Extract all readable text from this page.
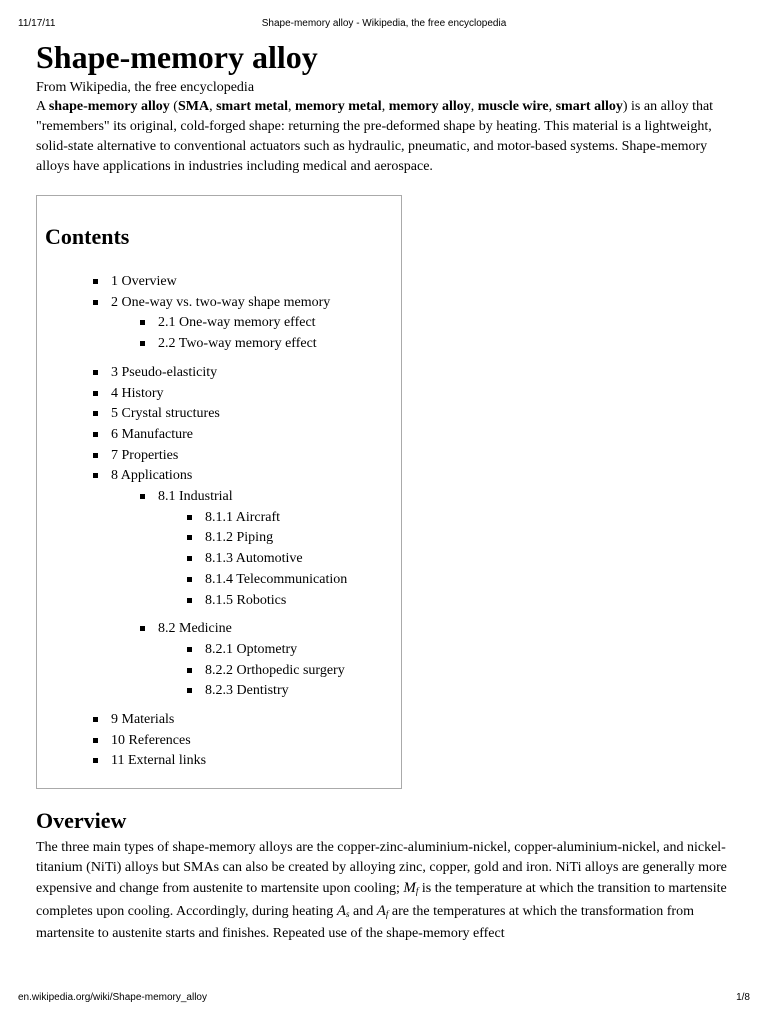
11/17/11	Shape-memory alloy - Wikipedia, the free encyclopedia
Shape-memory alloy
From Wikipedia, the free encyclopedia

A shape-memory alloy (SMA, smart metal, memory metal, memory alloy, muscle wire, smart alloy) is an alloy that "remembers" its original, cold-forged shape: returning the pre-deformed shape by heating. This material is a lightweight, solid-state alternative to conventional actuators such as hydraulic, pneumatic, and motor-based systems. Shape-memory alloys have applications in industries including medical and aerospace.

Contents
1 Overview
2 One-way vs. two-way shape memory
2.1 One-way memory effect
2.2 Two-way memory effect
3 Pseudo-elasticity
4 History
5 Crystal structures
6 Manufacture
7 Properties
8 Applications
8.1 Industrial
8.1.1 Aircraft
8.1.2 Piping
8.1.3 Automotive
8.1.4 Telecommunication
8.1.5 Robotics
8.2 Medicine
8.2.1 Optometry
8.2.2 Orthopedic surgery
8.2.3 Dentistry
9 Materials
10 References
11 External links
Overview

The three main types of shape-memory alloys are the copper-zinc-aluminium-nickel, copper-aluminium-nickel, and nickel-titanium (NiTi) alloys but SMAs can also be created by alloying zinc, copper, gold and iron. NiTi alloys are generally more expensive and change from austenite to martensite upon cooling; $M_f$ is the temperature at which the transition to martensite completes upon cooling. Accordingly, during heating $A_s$ and $A_f$ are the temperatures at which the transformation from martensite to austenite starts and finishes. Repeated use of the shape-memory effect

en.wikipedia.org/wiki/Shape-memory_alloy	1/8
